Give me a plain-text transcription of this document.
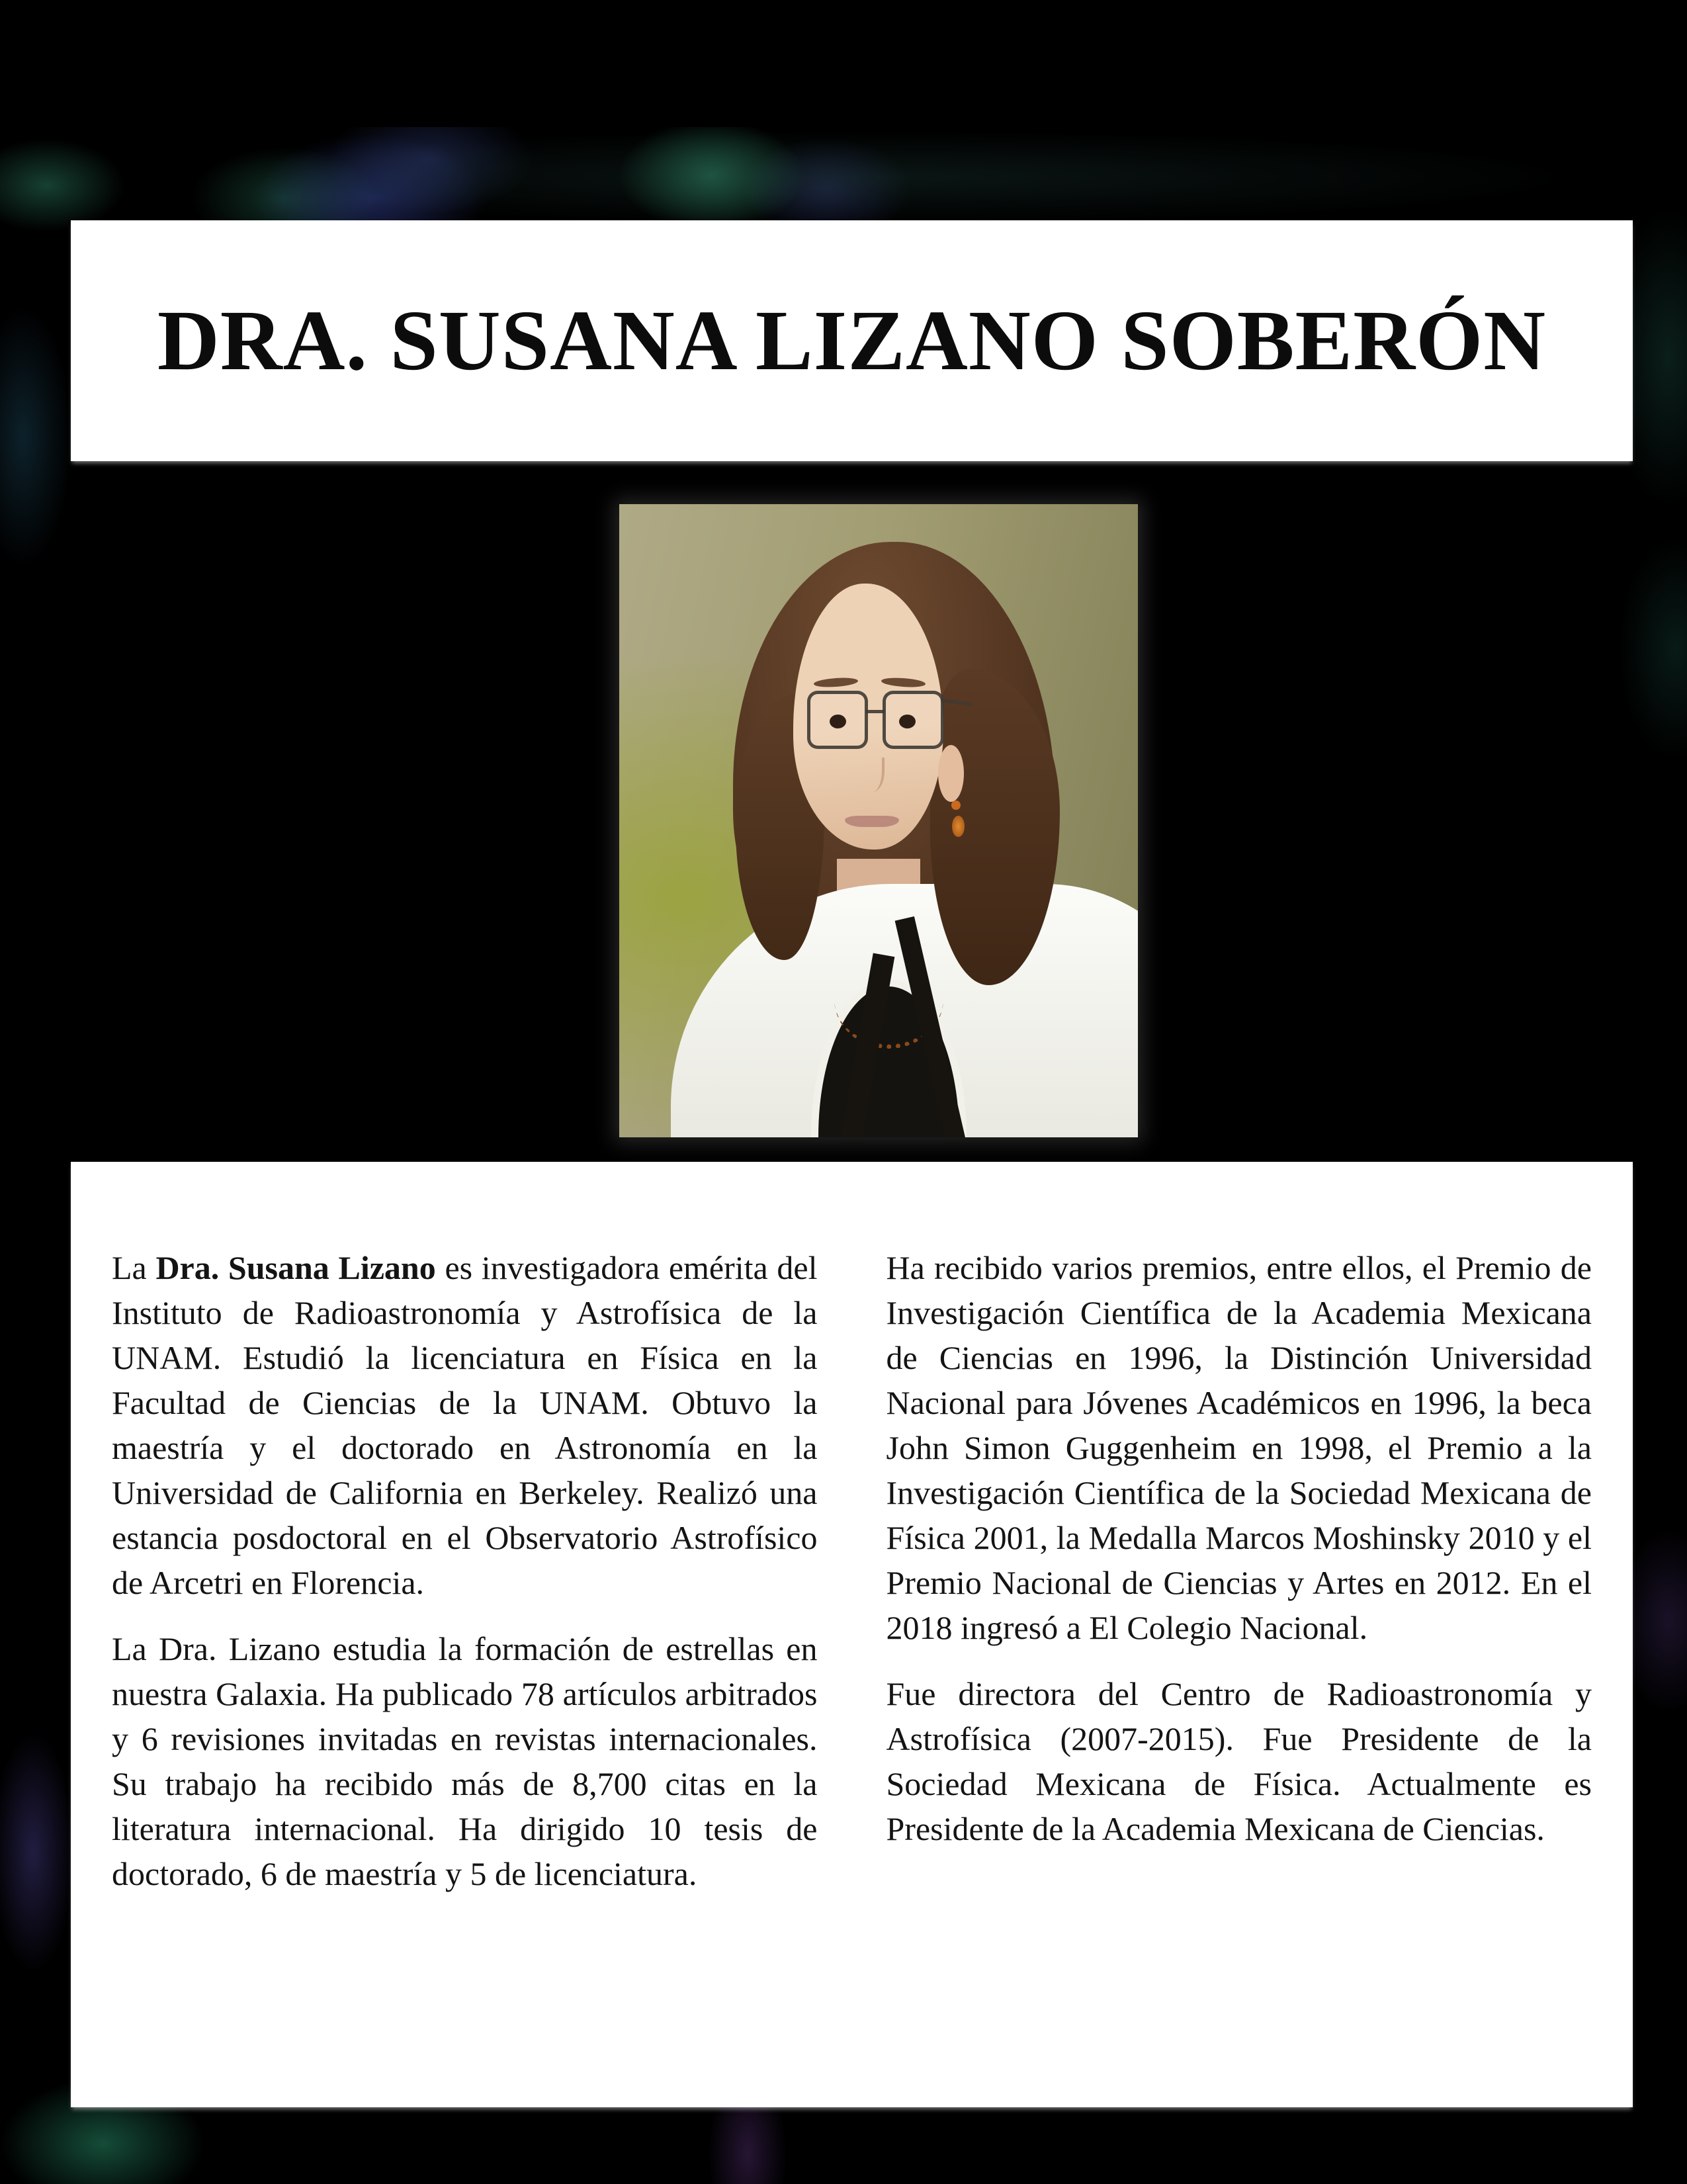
DRA. SUSANA LIZANO SOBERÓN

La Dra. Susana Lizano es investigadora emérita del Instituto de Radioastronomía y Astrofísica de la UNAM. Estudió la licenciatura en Física en la Facultad de Ciencias de la UNAM. Obtuvo la maestría y el doctorado en Astronomía en la Universidad de California en Berkeley. Realizó una estancia posdoctoral en el Observatorio Astrofísico de Arcetri en Florencia.

La Dra. Lizano estudia la formación de estrellas en nuestra Galaxia. Ha publicado 78 artículos arbitrados y 6 revisiones invitadas en revistas internacionales. Su trabajo ha recibido más de 8,700 citas en la literatura internacional. Ha dirigido 10 tesis de doctorado, 6 de maestría y 5 de licenciatura.

Ha recibido varios premios, entre ellos, el Premio de Investigación Científica de la Academia Mexicana de Ciencias en 1996, la Distinción Universidad Nacional para Jóvenes Académicos en 1996, la beca John Simon Guggenheim en 1998, el Premio a la Investigación Científica de la Sociedad Mexicana de Física 2001, la Medalla Marcos Moshinsky 2010 y el Premio Nacional de Ciencias y Artes en 2012. En el 2018 ingresó a El Colegio Nacional.

Fue directora del Centro de Radioastronomía y Astrofísica (2007-2015). Fue Presidente de la Sociedad Mexicana de Física. Actualmente es Presidente de la Academia Mexicana de Ciencias.
